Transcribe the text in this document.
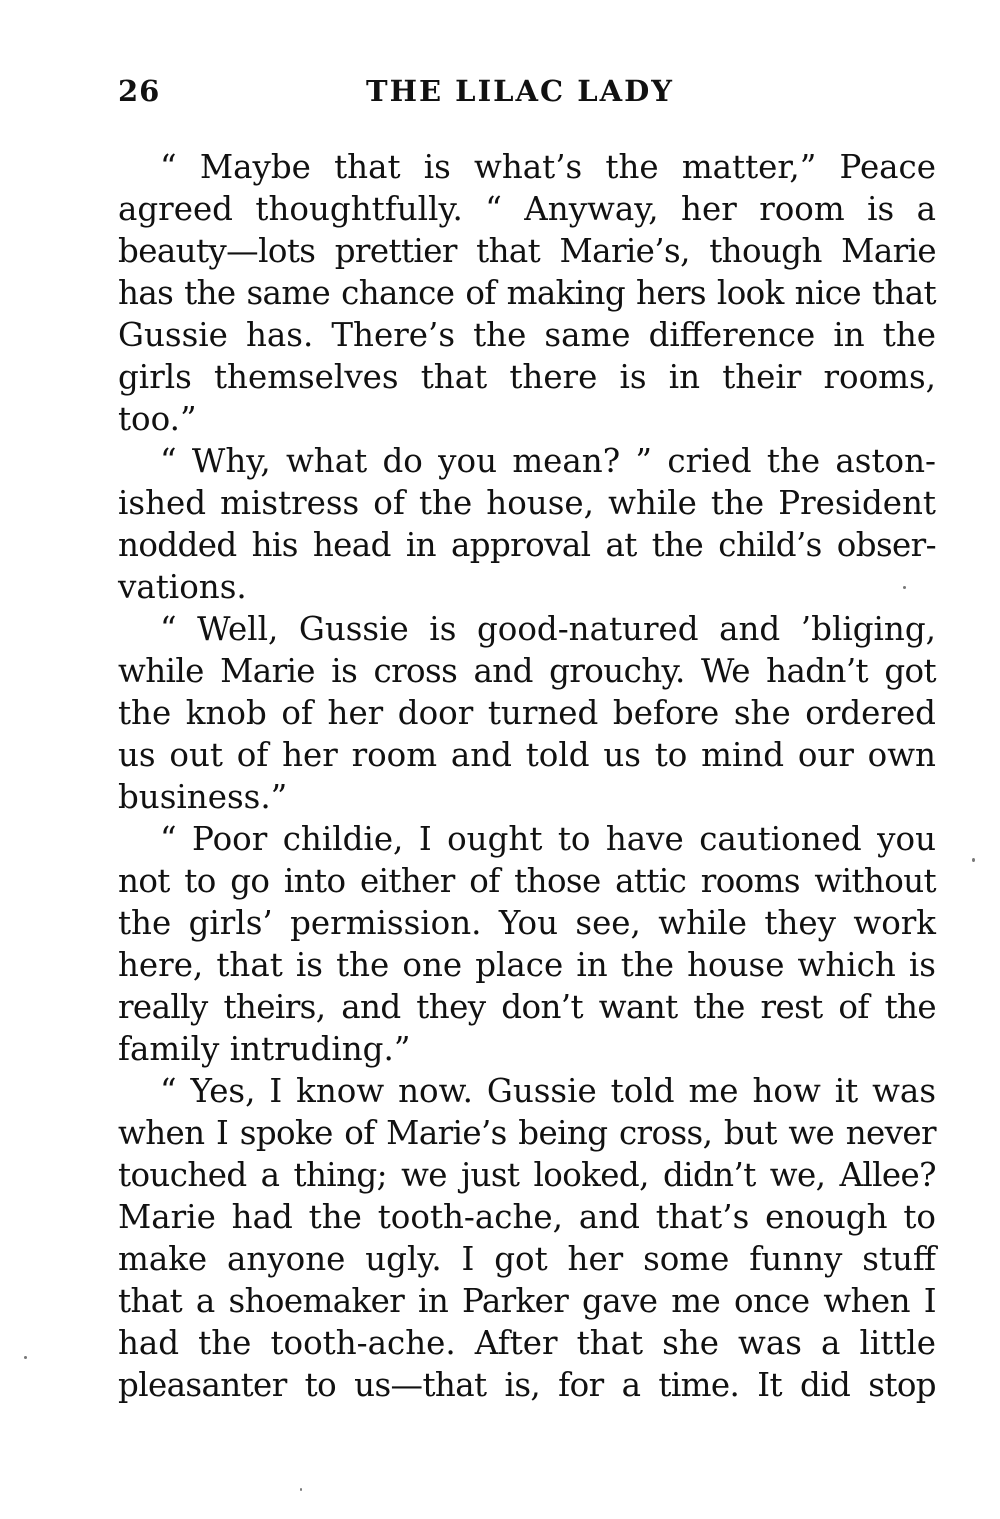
26	THE LILAC LADY
“ Maybe that is what’s the matter,” Peace
agreed thoughtfully. “ Anyway, her room is a
beauty—lots prettier that Marie’s, though Marie
has the same chance of making hers look nice that
Gussie has. There’s the same difference in the
girls themselves that there is in their rooms,
too.”
“ Why, what do you mean? ” cried the aston-
ished mistress of the house, while the President
nodded his head in approval at the child’s obser-
vations.
“ Well, Gussie is good-natured and ’bliging,
while Marie is cross and grouchy. We hadn’t got
the knob of her door turned before she ordered
us out of her room and told us to mind our own
business.”
“ Poor childie, I ought to have cautioned you
not to go into either of those attic rooms without
the girls’ permission. You see, while they work
here, that is the one place in the house which is
really theirs, and they don’t want the rest of the
family intruding.”
“ Yes, I know now. Gussie told me how it was
when I spoke of Marie’s being cross, but we never
touched a thing; we just looked, didn’t we, Allee?
Marie had the tooth-ache, and that’s enough to
make anyone ugly. I got her some funny stuff
that a shoemaker in Parker gave me once when I
had the tooth-ache. After that she was a little
pleasanter to us—that is, for a time. It did stop
